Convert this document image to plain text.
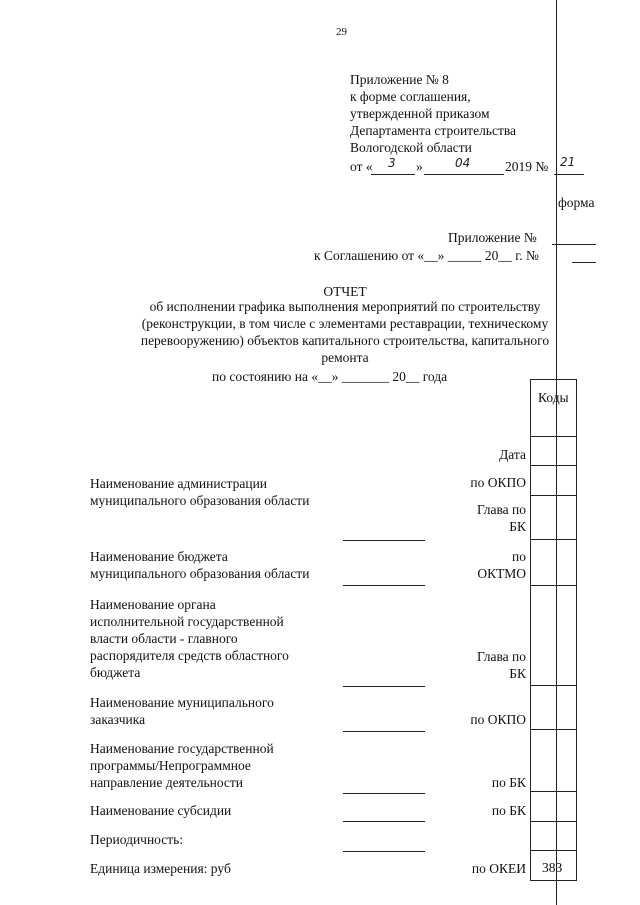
29
Приложение № 8
к форме соглашения,
утвержденной приказом
Департамента строительства
Вологодской области
от « 3 »	04	2019 № 21
форма
Приложение №
к Соглашению от «__» _____ 20__ г. №
ОТЧЕТ
об исполнении графика выполнения мероприятий по строительству
(реконструкции, в том числе с элементами реставрации, техническому
перевооружению) объектов капитального строительства, капитального
ремонта
по состоянию на «__» _______ 20__ года
Коды
383
Дата
по ОКПО
Глава по
БК
по
ОКТМО
Глава по
БК
по ОКПО
по БК
по БК
по ОКЕИ
Наименование администрации
муниципального образования области
Наименование бюджета
муниципального образования области
Наименование органа
исполнительной государственной
власти области - главного
распорядителя средств областного
бюджета
Наименование муниципального
заказчика
Наименование государственной
программы/Непрограммное
направление деятельности
Наименование субсидии
Периодичность:
Единица измерения: руб
